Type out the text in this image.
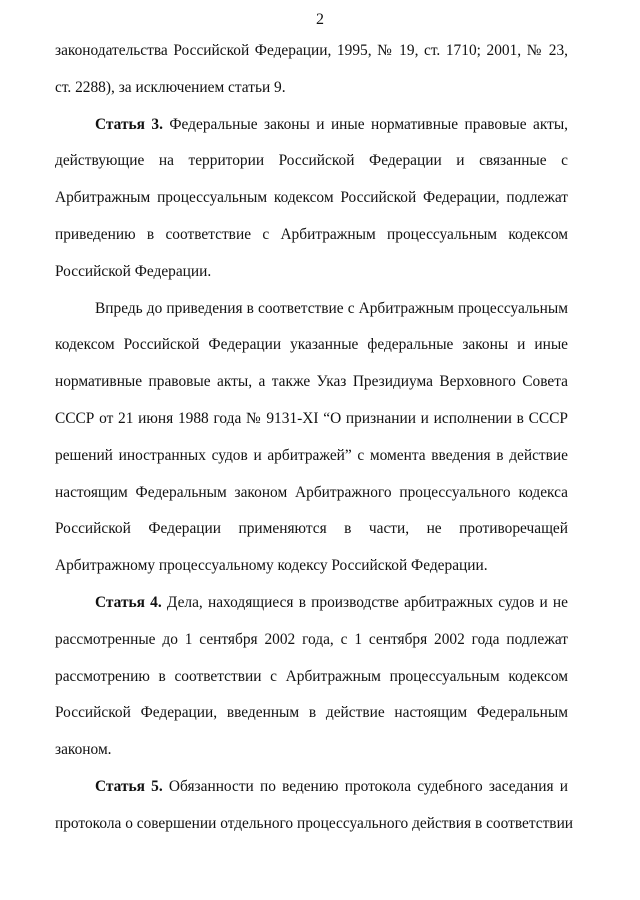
2
законодательства Российской Федерации, 1995, № 19, ст. 1710; 2001, № 23,
ст. 2288), за исключением статьи 9.
Статья 3. Федеральные законы и иные нормативные правовые акты,
действующие на территории Российской Федерации и связанные с
Арбитражным процессуальным кодексом Российской Федерации, подлежат
приведению в соответствие с Арбитражным процессуальным кодексом
Российской Федерации.
Впредь до приведения в соответствие с Арбитражным процессуальным
кодексом Российской Федерации указанные федеральные законы и иные
нормативные правовые акты, а также Указ Президиума Верховного Совета
СССР от 21 июня 1988 года № 9131-XI “О признании и исполнении в СССР
решений иностранных судов и арбитражей” с момента введения в действие
настоящим Федеральным законом Арбитражного процессуального кодекса
Российской Федерации применяются в части, не противоречащей
Арбитражному процессуальному кодексу Российской Федерации.
Статья 4. Дела, находящиеся в производстве арбитражных судов и не
рассмотренные до 1 сентября 2002 года, с 1 сентября 2002 года подлежат
рассмотрению в соответствии с Арбитражным процессуальным кодексом
Российской Федерации, введенным в действие настоящим Федеральным
законом.
Статья 5. Обязанности по ведению протокола судебного заседания и
протокола о совершении отдельного процессуального действия в соответствии
